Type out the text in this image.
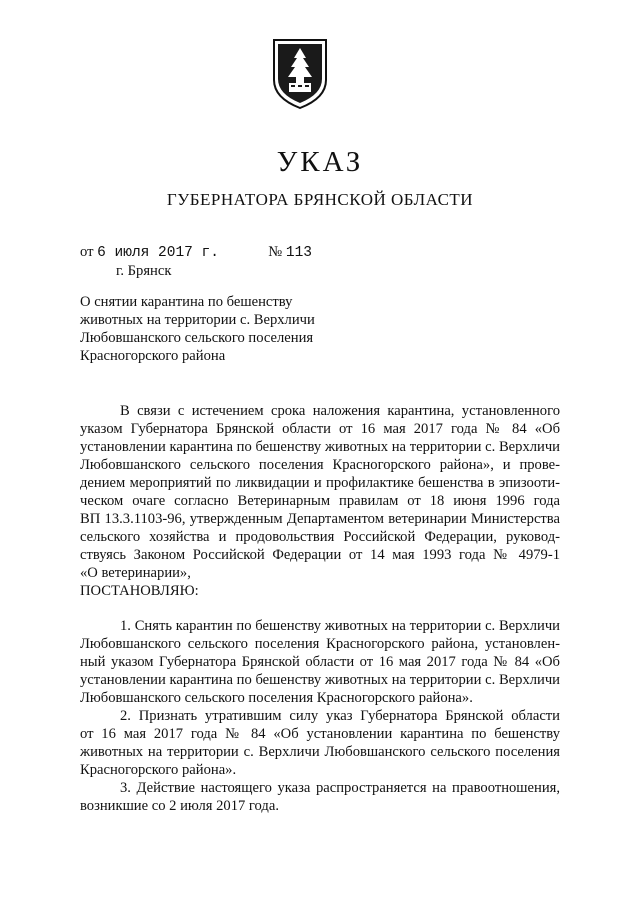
УКАЗ
ГУБЕРНАТОРА БРЯНСКОЙ ОБЛАСТИ
от 6 июля 2017 г.	№ 113
г. Брянск
О снятии карантина по бешенству
животных на территории с. Верхличи
Любовшанского сельского поселения
Красногорского района
В связи с истечением срока наложения карантина, установленного
указом Губернатора Брянской области от 16 мая 2017 года № 84 «Об
установлении карантина по бешенству животных на территории с. Верхличи
Любовшанского сельского поселения Красногорского района», и прове-
дением мероприятий по ликвидации и профилактике бешенства в эпизооти-
ческом очаге согласно Ветеринарным правилам от 18 июня 1996 года
ВП 13.3.1103-96, утвержденным Департаментом ветеринарии Министерства
сельского хозяйства и продовольствия Российской Федерации, руковод-
ствуясь Законом Российской Федерации от 14 мая 1993 года № 4979-1
«О ветеринарии»,
ПОСТАНОВЛЯЮ:
1. Снять карантин по бешенству животных на территории с. Верхличи
Любовшанского сельского поселения Красногорского района, установлен-
ный указом Губернатора Брянской области от 16 мая 2017 года № 84 «Об
установлении карантина по бешенству животных на территории с. Верхличи
Любовшанского сельского поселения Красногорского района».
2. Признать утратившим силу указ Губернатора Брянской области
от 16 мая 2017 года № 84 «Об установлении карантина по бешенству
животных на территории с. Верхличи Любовшанского сельского поселения
Красногорского района».
3. Действие настоящего указа распространяется на правоотношения,
возникшие со 2 июля 2017 года.
